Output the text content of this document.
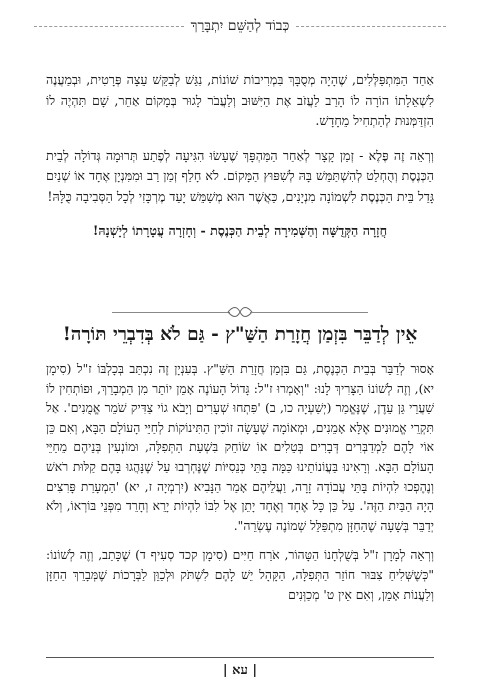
כְּבוֹד לְהַשֵּׁם יִתְבָּרַךְ

אַחַד הַמִּתְפַּלְּלִים, שֶׁהָיָה מְסֻבָּךְ בִּמְרִיבוֹת שׁוֹנוֹת, נִגַּשׁ לְבַקֵּשׁ עֵצָה פְּרָטִית, וּבְמַעֲנֶה לִשְׁאֵלָתוֹ הוֹרָה לוֹ הָרַב לַעֲזֹב אֶת הַיִּשּׁוּב וְלַעֲבֹר לָגוּר בְּמָקוֹם אַחֵר, שָׁם תִּהְיֶה לוֹ הִזְדַּמְּנוּת לְהַתְחִיל מֵחָדָשׁ.

וְרְאֵה זֶה פֶּלֶא - זְמַן קָצָר לְאַחַר הַמַּהְפָּךְ שֶׁעָשׂוּ הִגִּיעָה לְפֶתַע תְּרוּמָה גְּדוֹלָה לְבֵית הַכְּנֶסֶת וְהֻחְלַט לְהִשְׁתַּמֵּשׁ בָּהּ לְשִׁפּוּץ הַמָּקוֹם. לֹא חָלַף זְמַן רַב וּמִמִּנְיָן אֶחָד אוֹ שְׁנַיִם גָּדַל בֵּית הַכְּנֶסֶת לִשְׁמוֹנָה מִנְיָנִים, כַּאֲשֶׁר הוּא מְשַׁמֵּשׁ יָעַד מֶרְכָּזִי לְכָל הַסְּבִיבָה כֻּלָּהּ!

חֲזָרָה הַקְּדֻשָּׁה וְהַשְּׁמִירָה לְבֵית הַכְּנֶסֶת - וְחָזְרָה עֲטָרָתוֹ לְיָשְׁנָהּ!

אֵין לְדַבֵּר בִּזְמַן חֲזָרַת הַשַּׁ"ץ - גַּם לֹא בְּדִבְרֵי תּוֹרָה!

אָסוּר לְדַבֵּר בְּבֵית הַכְּנֶסֶת, גַּם בִּזְמַן חֲזָרַת הַשַּׁ"ץ. בְּעִנְיָן זֶה נִכְתַּב בְּכָלְבּוֹ ז"ל (סִימָן יא), וְזֶה לְשׁוֹנוֹ הַצָּרִיךְ לָנוּ: "וְאָמְרוּ ז"ל: גָּדוֹל הָעוֹנֶה אָמֵן יוֹתֵר מִן הַמְבָרֵךְ, וּפוֹתְחִין לוֹ שַׁעֲרֵי גַּן עֵדֶן, שֶׁנֶּאֱמַר (יְשַׁעְיָה כו, ב) 'פִּתְחוּ שְׁעָרִים וְיָבֹא גוֹי צַדִּיק שֹׁמֵר אֱמֻנִים'. אַל תִּקְרֵי אֱמוּנִים אֶלָּא אָמֵנִים, וּמְאוֹמָה שֶׁעָשָׂה זוֹכִין הַתִּינוֹקוֹת לְחַיֵּי הָעוֹלָם הַבָּא, וְאִם כֵּן אוֹי לָהֶם לַמְדַבְּרִים דְּבָרִים בְּטֵלִים אוֹ שׂוֹחֵק בִּשְׁעַת הַתְּפִלָּה, וּמוֹנְעִין בְּנֵיהֶם מֵחַיֵּי הָעוֹלָם הַבָּא. וְרָאִינוּ בַּעֲוֹנוֹתֵינוּ כַּמָּה בָּתֵּי כְּנֵסִיּוֹת שֶׁנֶּחְרְבוּ עַל שֶׁנָּהֲגוּ בָּהֶם קַלּוּת רֹאשׁ וְנֶהֶפְכוּ לִהְיוֹת בָּתֵּי עֲבוֹדָה זָרָה, וַעֲלֵיהֶם אָמַר הַנָּבִיא (יִרְמְיָה ז, יא) 'הַמְעָרַת פָּרִצִים הָיָה הַבַּיִת הַזֶּה'. עַל כֵּן כָּל אֶחָד וְאֶחָד יָתֵן אֶל לִבּוֹ לִהְיוֹת יָרֵא וְחָרֵד מִפְּנֵי בּוֹרְאוֹ, וְלֹא יְדַבֵּר בְּשָׁעָה שֶׁהַחַזָּן מִתְפַּלֵּל שְׁמוֹנֶה עֶשְׂרֵה".

וְרְאֵה לְמָרָן ז"ל בְּשֻׁלְחָנוֹ הַטָּהוֹר, אֹרַח חַיִּים (סִימָן קכד סְעִיף ד) שֶׁכָּתַב, וְזֶה לְשׁוֹנוֹ: "כְּשֶׁשְּׁלִיחַ צִבּוּר חוֹזֵר הַתְּפִלָּה, הַקָּהָל יֵשׁ לָהֶם לִשְׁתֹּק וּלְכַוֵּן לַבְּרָכוֹת שֶׁמְּבָרֵךְ הַחַזָּן וְלַעֲנוֹת אָמֵן, וְאִם אֵין ט' מְכַוְּנִים

| עא |
